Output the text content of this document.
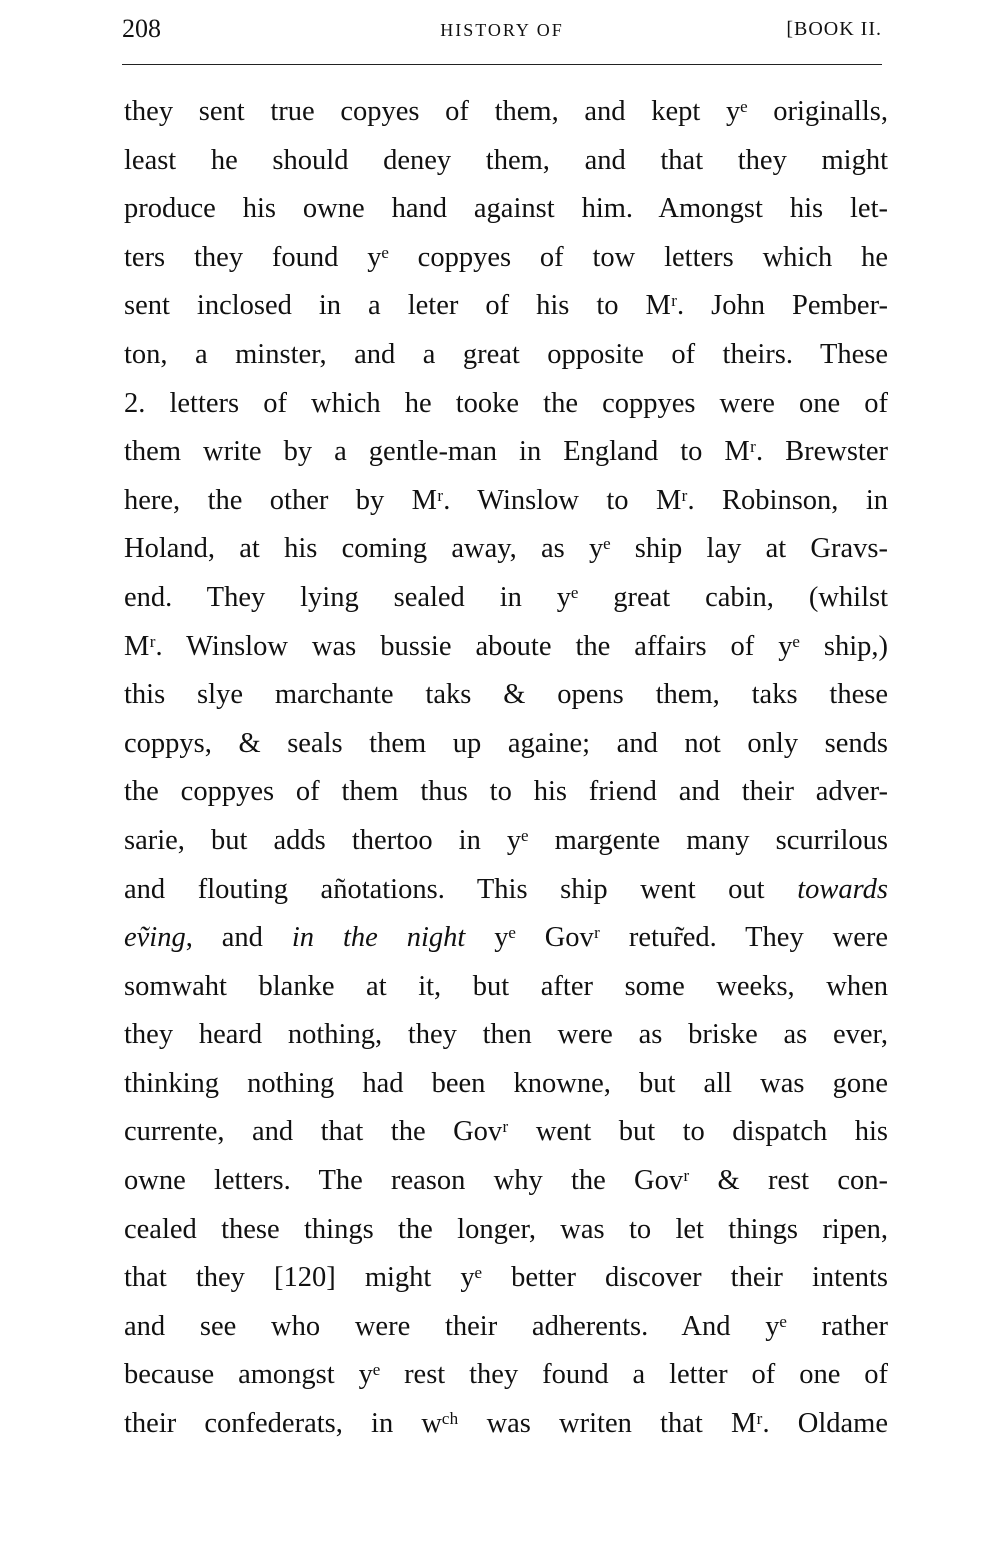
208	HISTORY OF	[BOOK II.
they sent true copyes of them, and kept yᵉ originalls,
least he should deney them, and that they might
produce his owne hand against him. Amongst his let-
ters they found yᵉ coppyes of tow letters which he
sent inclosed in a leter of his to Mʳ. John Pember-
ton, a minster, and a great opposite of theirs. These
2. letters of which he tooke the coppyes were one of
them write by a gentle-man in England to Mʳ. Brewster
here, the other by Mʳ. Winslow to Mʳ. Robinson, in
Holand, at his coming away, as yᵉ ship lay at Gravs-
end. They lying sealed in yᵉ great cabin, (whilst
Mʳ. Winslow was bussie aboute the affairs of yᵉ ship,)
this slye marchante taks & opens them, taks these
coppys, & seals them up againe; and not only sends
the coppyes of them thus to his friend and their adver-
sarie, but adds thertoo in yᵉ margente many scurrilous
and flouting añotations. This ship went out towards
eṽing, and in the night yᵉ Govʳ retur̃ed. They were
somwaht blanke at it, but after some weeks, when
they heard nothing, they then were as briske as ever,
thinking nothing had been knowne, but all was gone
currente, and that the Govʳ went but to dispatch his
owne letters. The reason why the Govʳ & rest con-
cealed these things the longer, was to let things ripen,
that they [120] might yᵉ better discover their intents
and see who were their adherents. And yᵉ rather
because amongst yᵉ rest they found a letter of one of
their confederats, in wᶜʰ was writen that Mʳ. Oldame
